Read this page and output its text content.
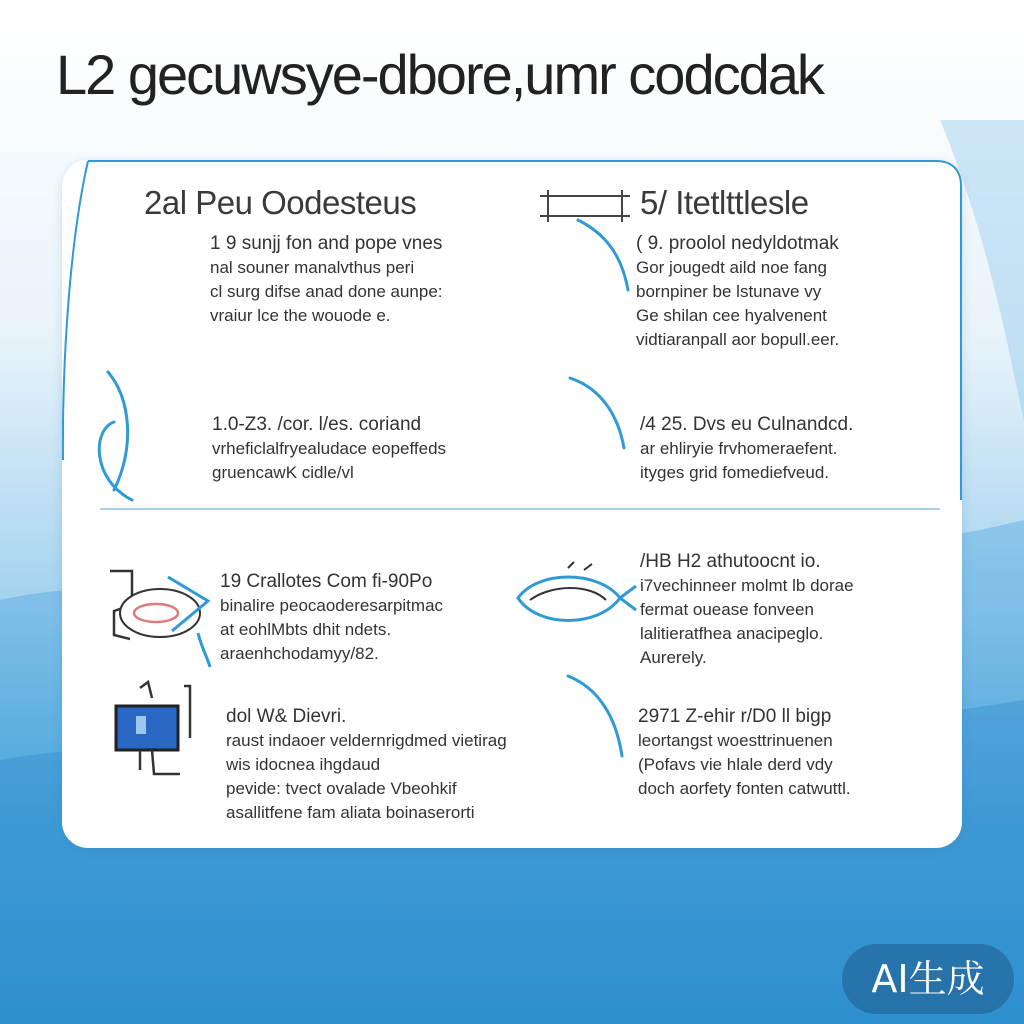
L2 gecuwsye-dbore,umr codcdak
2al Peu Oodesteus	5/ Itetlttlesle
1 9 sunjj fon and pope vnes
nal souner manalvthus peri
cl surg difse anad done aunpe:
vraiur lce the wouode e.
( 9. proolol nedyldotmak
Gor jougedt aild noe fang
bornpiner be lstunave vy
Ge shilan cee hyalvenent
vidtiaranpall aor bopull.eer.
1.0-Z3. /cor. l/es. coriand
vrheficlalfryealudace eopeffeds
gruencawK cidle/vl
/4 25. Dvs eu Culnandcd.
ar ehliryie frvhomeraefent.
ityges grid fomediefveud.
19 Crallotes Com fi-90Po
binalire peocaoderesarpitmac
at eohlMbts dhit ndets.
araenhchodamyy/82.
/HB H2 athutoocnt io.
i7vechinneer molmt lb dorae
fermat ouease fonveen
lalitieratfhea anacipeglo.
Aurerely.
dol W& Dievri.
raust indaoer veldernrigdmed vietirag
wis idocnea ihgdaud
pevide: tvect ovalade Vbeohkif
asallitfene fam aliata boinaserorti
2971 Z-ehir r/D0 ll bigp
leortangst woesttrinuenen
(Pofavs vie hlale derd vdy
doch aorfety fonten catwuttl.
AI生成
